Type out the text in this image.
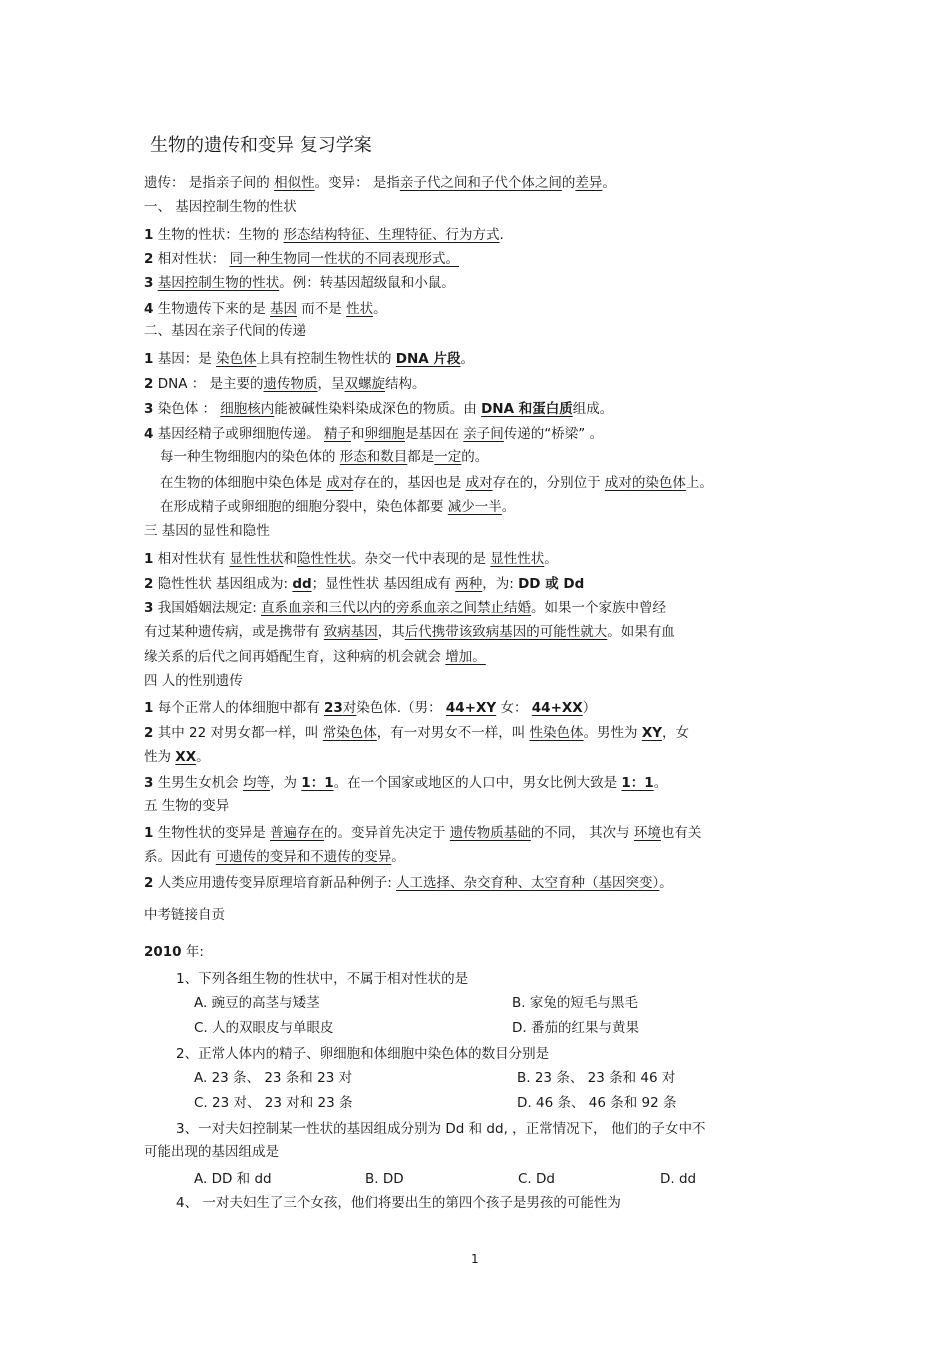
生物的遗传和变异 复习学案
遗传： 是指亲子间的 相似性。变异： 是指亲子代之间和子代个体之间的差异。
一、 基因控制生物的性状
1 生物的性状：生物的 形态结构特征、生理特征、行为方式.
2 相对性状： 同一种生物同一性状的不同表现形式。
3 基因控制生物的性状。例：转基因超级鼠和小鼠。
4 生物遗传下来的是 基因 而不是 性状。
二、基因在亲子代间的传递
1 基因：是 染色体上具有控制生物性状的 DNA 片段。
2 DNA ： 是主要的遗传物质，呈双螺旋结构。
3 染色体 ： 细胞核内能被碱性染料染成深色的物质。由 DNA 和蛋白质组成。
4 基因经精子或卵细胞传递。 精子和卵细胞是基因在 亲子间传递的“桥梁” 。
每一种生物细胞内的染色体的 形态和数目都是一定的。
在生物的体细胞中染色体是 成对存在的，基因也是 成对存在的，分别位于 成对的染色体上。
在形成精子或卵细胞的细胞分裂中，染色体都要 减少一半。
三 基因的显性和隐性
1 相对性状有 显性性状和隐性性状。杂交一代中表现的是 显性性状。
2 隐性性状 基因组成为: dd；显性性状 基因组成有 两种，为: DD 或 Dd
3 我国婚姻法规定: 直系血亲和三代以内的旁系血亲之间禁止结婚。如果一个家族中曾经
有过某种遗传病，或是携带有 致病基因，其后代携带该致病基因的可能性就大。如果有血
缘关系的后代之间再婚配生育，这种病的机会就会 增加。
四 人的性别遗传
1 每个正常人的体细胞中都有 23对染色体.（男： 44+XY 女： 44+XX）
2 其中 22 对男女都一样，叫 常染色体，有一对男女不一样，叫 性染色体。男性为 XY，女
性为 XX。
3 生男生女机会 均等，为 1：1。在一个国家或地区的人口中，男女比例大致是 1：1。
五 生物的变异
1 生物性状的变异是 普遍存在的。变异首先决定于 遗传物质基础的不同， 其次与 环境也有关
系。因此有 可遗传的变异和不遗传的变异。
2 人类应用遗传变异原理培育新品种例子: 人工选择、杂交育种、太空育种（基因突变）。
中考链接自贡
2010 年:
1、下列各组生物的性状中，不属于相对性状的是
A. 豌豆的高茎与矮茎	B. 家兔的短毛与黑毛
C. 人的双眼皮与单眼皮	D. 番茄的红果与黄果
2、正常人体内的精子、卵细胞和体细胞中染色体的数目分别是
A. 23 条、 23 条和 23 对	B. 23 条、 23 条和 46 对
C. 23 对、 23 对和 23 条	D. 46 条、 46 条和 92 条
3、一对夫妇控制某一性状的基因组成分别为 Dd 和 dd, ，正常情况下， 他们的子女中不
可能出现的基因组成是
A. DD 和 dd	B. DD	C. Dd	D. dd
4、 一对夫妇生了三个女孩，他们将要出生的第四个孩子是男孩的可能性为
1
